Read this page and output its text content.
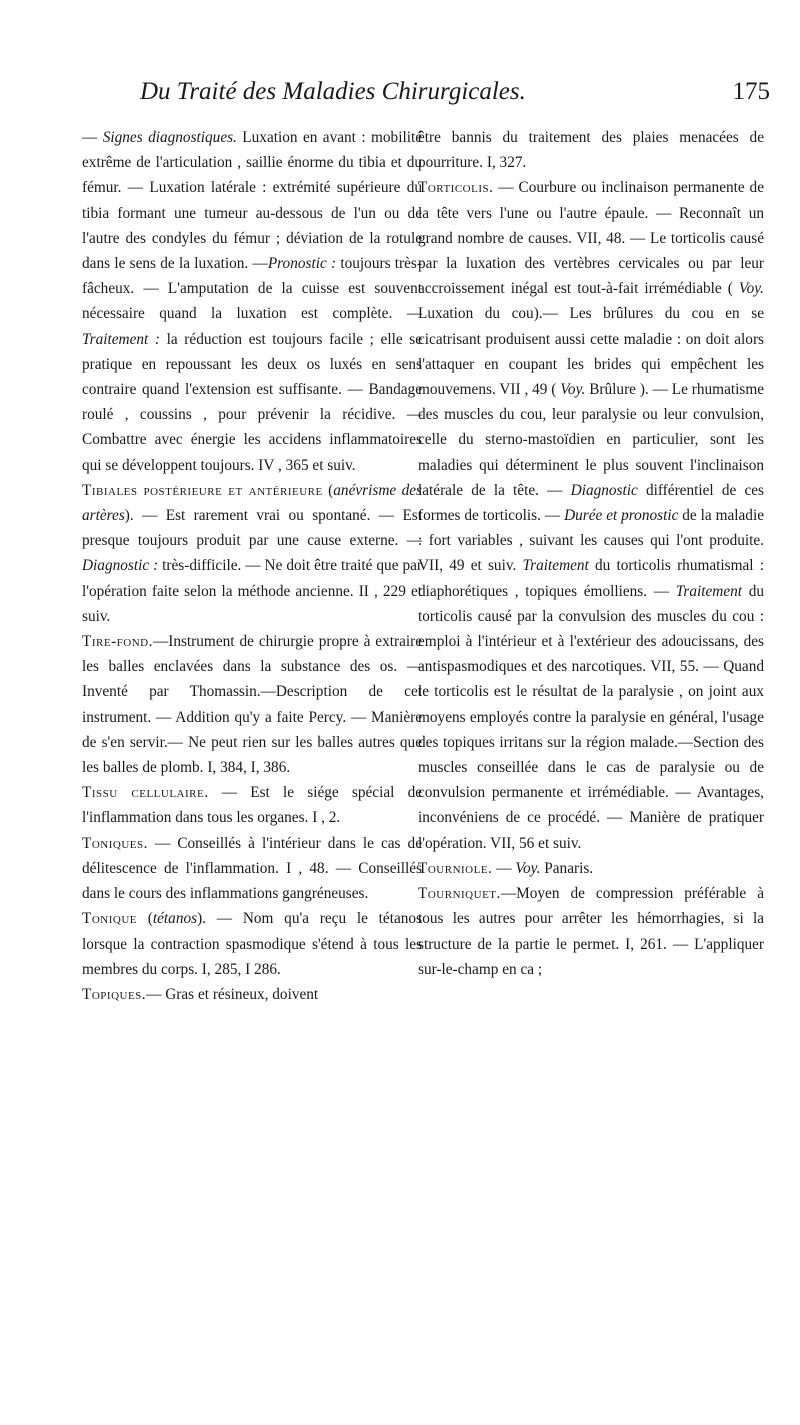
Du Traité des Maladies Chirurgicales.	175

— Signes diagnostiques. Luxation en avant : mobilité extrême de l'articulation , saillie énorme du tibia et du fémur. — Luxation latérale : extrémité supérieure du tibia formant une tumeur au-dessous de l'un ou de l'autre des condyles du fémur ; déviation de la rotule dans le sens de la luxation. —Pronostic : toujours très-fâcheux. — L'amputation de la cuisse est souvent nécessaire quand la luxation est complète. — Traitement : la réduction est toujours facile ; elle se pratique en repoussant les deux os luxés en sens contraire quand l'extension est suffisante. — Bandage roulé , coussins , pour prévenir la récidive. — Combattre avec énergie les accidens inflammatoires qui se développent toujours. IV , 365 et suiv.

Tibiales postérieure et antérieure (anévrisme des artères). — Est rarement vrai ou spontané. — Est presque toujours produit par une cause externe. —Diagnostic : très-difficile. — Ne doit être traité que par l'opération faite selon la méthode ancienne. II , 229 et suiv.

Tire-fond.—Instrument de chirurgie propre à extraire les balles enclavées dans la substance des os. — Inventé par Thomassin.—Description de cet instrument. — Addition qu'y a faite Percy. — Manière de s'en servir.— Ne peut rien sur les balles autres que les balles de plomb. I, 384, I, 386.

Tissu cellulaire. — Est le siége spécial de l'inflammation dans tous les organes. I , 2.

Toniques. — Conseillés à l'intérieur dans le cas de délitescence de l'inflammation. I , 48. — Conseillés dans le cours des inflammations gangréneuses.

Tonique (tétanos). — Nom qu'a reçu le tétanos lorsque la contraction spasmodique s'étend à tous les membres du corps. I, 285, I 286.

Topiques.— Gras et résineux, doivent

être bannis du traitement des plaies menacées de pourriture. I, 327.

Torticolis. — Courbure ou inclinaison permanente de la tête vers l'une ou l'autre épaule. — Reconnaît un grand nombre de causes. VII, 48. — Le torticolis causé par la luxation des vertèbres cervicales ou par leur accroissement inégal est tout-à-fait irrémédiable ( Voy. Luxation du cou).— Les brûlures du cou en se cicatrisant produisent aussi cette maladie : on doit alors l'attaquer en coupant les brides qui empêchent les mouvemens. VII , 49 ( Voy. Brûlure ). — Le rhumatisme des muscles du cou, leur paralysie ou leur convulsion, celle du sterno-mastoïdien en particulier, sont les maladies qui déterminent le plus souvent l'inclinaison latérale de la tête. — Diagnostic différentiel de ces formes de torticolis. — Durée et pronostic de la maladie : fort variables , suivant les causes qui l'ont produite. VII, 49 et suiv. Traitement du torticolis rhumatismal : diaphorétiques , topiques émolliens. — Traitement du torticolis causé par la convulsion des muscles du cou : emploi à l'intérieur et à l'extérieur des adoucissans, des antispasmodiques et des narcotiques. VII, 55. — Quand le torticolis est le résultat de la paralysie , on joint aux moyens employés contre la paralysie en général, l'usage des topiques irritans sur la région malade.—Section des muscles conseillée dans le cas de paralysie ou de convulsion permanente et irrémédiable. — Avantages, inconvéniens de ce procédé. — Manière de pratiquer l'opération. VII, 56 et suiv.

Tourniole. — Voy. Panaris.

Tourniquet.—Moyen de compression préférable à tous les autres pour arrêter les hémorrhagies, si la structure de la partie le permet. I, 261. — L'appliquer sur-le-champ en ca ;
